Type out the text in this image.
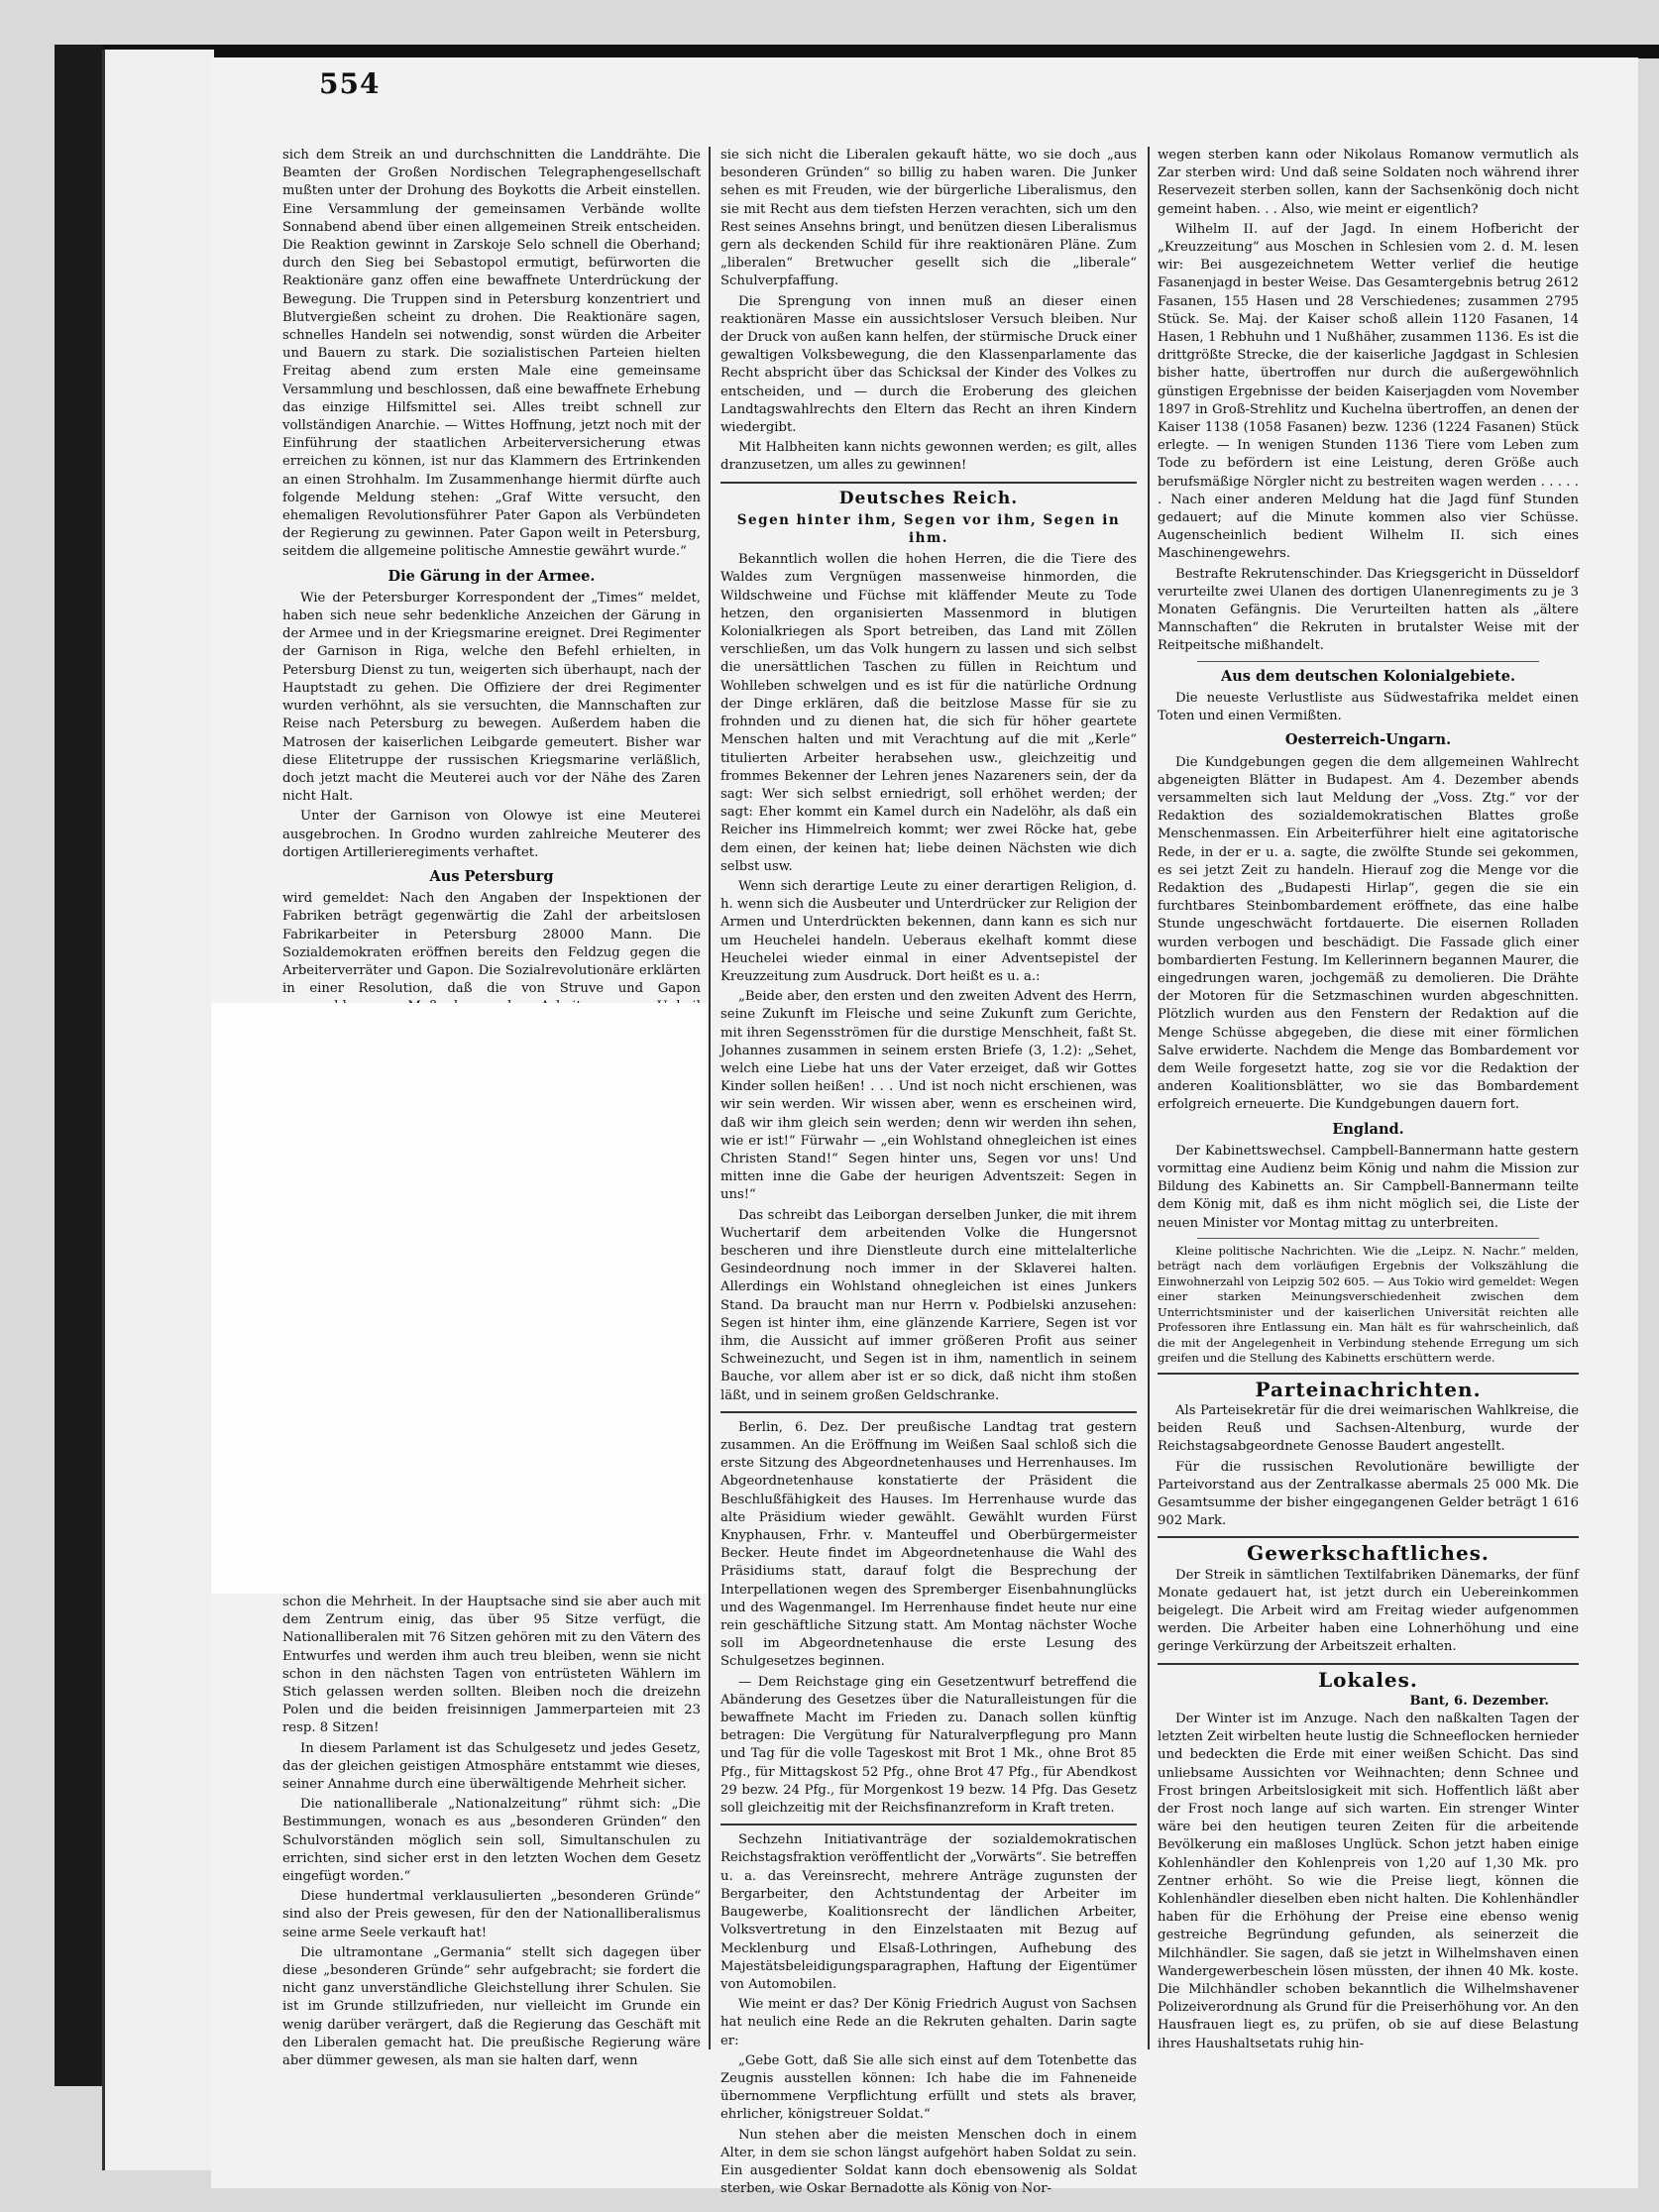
554

sich dem Streik an und durchschnitten die Landdrähte. Die Beamten der Großen Nordischen Telegraphengesellschaft mußten unter der Drohung des Boykotts die Arbeit einstellen. Eine Versammlung der gemeinsamen Verbände wollte Sonnabend abend über einen allgemeinen Streik entscheiden. Die Reaktion gewinnt in Zarskoje Selo schnell die Oberhand; durch den Sieg bei Sebastopol ermutigt, befürworten die Reaktionäre ganz offen eine bewaffnete Unterdrückung der Bewegung. Die Truppen sind in Petersburg konzentriert und Blutvergießen scheint zu drohen. Die Reaktionäre sagen, schnelles Handeln sei notwendig, sonst würden die Arbeiter und Bauern zu stark. Die sozialistischen Parteien hielten Freitag abend zum ersten Male eine gemeinsame Versammlung und beschlossen, daß eine bewaffnete Erhebung das einzige Hilfsmittel sei. Alles treibt schnell zur vollständigen Anarchie. — Wittes Hoffnung, jetzt noch mit der Einführung der staatlichen Arbeiterversicherung etwas erreichen zu können, ist nur das Klammern des Ertrinkenden an einen Strohhalm. Im Zusammenhange hiermit dürfte auch folgende Meldung stehen: „Graf Witte versucht, den ehemaligen Revolutionsführer Pater Gapon als Verbündeten der Regierung zu gewinnen. Pater Gapon weilt in Petersburg, seitdem die allgemeine politische Amnestie gewährt wurde.“

Die Gärung in der Armee.

Wie der Petersburger Korrespondent der „Times“ meldet, haben sich neue sehr bedenkliche Anzeichen der Gärung in der Armee und in der Kriegsmarine ereignet. Drei Regimenter der Garnison in Riga, welche den Befehl erhielten, in Petersburg Dienst zu tun, weigerten sich überhaupt, nach der Hauptstadt zu gehen. Die Offiziere der drei Regimenter wurden verhöhnt, als sie versuchten, die Mannschaften zur Reise nach Petersburg zu bewegen. Außerdem haben die Matrosen der kaiserlichen Leibgarde gemeutert. Bisher war diese Elitetruppe der russischen Kriegsmarine verläßlich, doch jetzt macht die Meuterei auch vor der Nähe des Zaren nicht Halt.

Unter der Garnison von Olowye ist eine Meuterei ausgebrochen. In Grodno wurden zahlreiche Meuterer des dortigen Artillerieregiments verhaftet.

Aus Petersburg

wird gemeldet: Nach den Angaben der Inspektionen der Fabriken beträgt gegenwärtig die Zahl der arbeitslosen Fabrikarbeiter in Petersburg 28000 Mann. Die Sozialdemokraten eröffnen bereits den Feldzug gegen die Arbeiterverräter und Gapon. Die Sozialrevolutionäre erklärten in einer Resolution, daß die von Struve und Gapon

schon die Mehrheit. In der Hauptsache sind sie aber auch mit dem Zentrum einig, das über 95 Sitze verfügt, die Nationalliberalen mit 76 Sitzen gehören mit zu den Vätern des Entwurfes und werden ihm auch treu bleiben, wenn sie nicht schon in den nächsten Tagen von entrüsteten Wählern im Stich gelassen werden sollten. Bleiben noch die dreizehn Polen und die beiden freisinnigen Jammerparteien mit 23 resp. 8 Sitzen!

In diesem Parlament ist das Schulgesetz und jedes Gesetz, das der gleichen geistigen Atmosphäre entstammt wie dieses, seiner Annahme durch eine überwältigende Mehrheit sicher.

Die nationalliberale „Nationalzeitung“ rühmt sich: „Die Bestimmungen, wonach es aus „besonderen Gründen“ den Schulvorständen möglich sein soll, Simultanschulen zu errichten, sind sicher erst in den letzten Wochen dem Gesetz eingefügt worden.“

Diese hundertmal verklausulierten „besonderen Gründe“ sind also der Preis gewesen, für den der Nationalliberalismus seine arme Seele verkauft hat!

Die ultramontane „Germania“ stellt sich dagegen über diese „besonderen Gründe“ sehr aufgebracht; sie fordert die nicht ganz unverständliche Gleichstellung ihrer Schulen. Sie ist im Grunde stillzufrieden, nur vielleicht im Grunde ein wenig darüber verärgert, daß die Regierung das Geschäft mit den Liberalen gemacht hat. Die preußische Regierung wäre aber dümmer gewesen, als man sie halten darf, wenn

sie sich nicht die Liberalen gekauft hätte, wo sie doch „aus besonderen Gründen“ so billig zu haben waren. Die Junker sehen es mit Freuden, wie der bürgerliche Liberalismus, den sie mit Recht aus dem tiefsten Herzen verachten, sich um den Rest seines Ansehns bringt, und benützen diesen Liberalismus gern als deckenden Schild für ihre reaktionären Pläne. Zum „liberalen“ Bretwucher gesellt sich die „liberale“ Schulverpfaffung.

Die Sprengung von innen muß an dieser einen reaktionären Masse ein aussichtsloser Versuch bleiben. Nur der Druck von außen kann helfen, der stürmische Druck einer gewaltigen Volksbewegung, die den Klassenparlamente das Recht abspricht über das Schicksal der Kinder des Volkes zu entscheiden, und — durch die Eroberung des gleichen Landtagswahlrechts den Eltern das Recht an ihren Kindern wiedergibt.

Mit Halbheiten kann nichts gewonnen werden; es gilt, alles dranzusetzen, um alles zu gewinnen!

Deutsches Reich.
Segen hinter ihm, Segen vor ihm, Segen in ihm.

Bekanntlich wollen die hohen Herren, die die Tiere des Waldes zum Vergnügen massenweise hinmorden, die Wildschweine und Füchse mit kläffender Meute zu Tode hetzen, den organisierten Massenmord in blutigen Kolonialkriegen als Sport betreiben, das Land mit Zöllen verschließen, um das Volk hungern zu lassen und sich selbst die unersättlichen Taschen zu füllen in Reichtum und Wohlleben schwelgen und es ist für die natürliche Ordnung der Dinge erklären, daß die beitzlose Masse für sie zu frohnden und zu dienen hat, die sich für höher geartete Menschen halten und mit Verachtung auf die mit „Kerle“ titulierten Arbeiter herabsehen usw., gleichzeitig und frommes Bekenner der Lehren jenes Nazareners sein, der da sagt: Wer sich selbst erniedrigt, soll erhöhet werden; der sagt: Eher kommt ein Kamel durch ein Nadelöhr, als daß ein Reicher ins Himmelreich kommt; wer zwei Röcke hat, gebe dem einen, der keinen hat; liebe deinen Nächsten wie dich selbst usw.

Wenn sich derartige Leute zu einer derartigen Religion, d. h. wenn sich die Ausbeuter und Unterdrücker zur Religion der Armen und Unterdrückten bekennen, dann kann es sich nur um Heuchelei handeln. Ueberaus ekelhaft kommt diese Heuchelei wieder einmal in einer Adventsepistel der Kreuzzeitung zum Ausdruck. Dort heißt es u. a.:

„Beide aber, den ersten und den zweiten Advent des Herrn, seine Zukunft im Fleische und seine Zukunft zum Gerichte, mit ihren Segensströmen für die durstige Menschheit, faßt St. Johannes zusammen in seinem ersten Briefe (3, 1.2): „Sehet, welch eine Liebe hat uns der Vater erzeiget, daß wir Gottes Kinder sollen heißen! . . . Und ist noch nicht erschienen, was wir sein werden. Wir wissen aber, wenn es erscheinen wird, daß wir ihm gleich sein werden; denn wir werden ihn sehen, wie er ist!“ Fürwahr — „ein Wohlstand ohnegleichen ist eines Christen Stand!“ Segen hinter uns, Segen vor uns! Und mitten inne die Gabe der heurigen Adventszeit: Segen in uns!“

Das schreibt das Leiborgan derselben Junker, die mit ihrem Wuchertarif dem arbeitenden Volke die Hungersnot bescheren und ihre Dienstleute durch eine mittelalterliche Gesindeordnung noch immer in der Sklaverei halten. Allerdings ein Wohlstand ohnegleichen ist eines Junkers Stand. Da braucht man nur Herrn v. Podbielski anzusehen: Segen ist hinter ihm, eine glänzende Karriere, Segen ist vor ihm, die Aussicht auf immer größeren Profit aus seiner Schweinezucht, und Segen ist in ihm, namentlich in seinem Bauche, vor allem aber ist er so dick, daß nicht ihm stoßen läßt, und in seinem großen Geldschranke.

Berlin, 6. Dez. Der preußische Landtag trat gestern zusammen. An die Eröffnung im Weißen Saal schloß sich die erste Sitzung des Abgeordnetenhauses und Herrenhauses. Im Abgeordnetenhause konstatierte der Präsident die Beschlußfähigkeit des Hauses. Im Herrenhause wurde das alte Präsidium wieder gewählt. Gewählt wurden Fürst Knyphausen, Frhr. v. Manteuffel und Oberbürgermeister Becker. Heute findet im Abgeordnetenhause die Wahl des Präsidiums statt, darauf folgt die Besprechung der Interpellationen wegen des Spremberger Eisenbahnunglücks und des Wagenmangel. Im Herrenhause findet heute nur eine rein geschäftliche Sitzung statt. Am Montag nächster Woche soll im Abgeordnetenhause die erste Lesung des Schulgesetzes beginnen.

— Dem Reichstage ging ein Gesetzentwurf betreffend die Abänderung des Gesetzes über die Naturalleistungen für die bewaffnete Macht im Frieden zu. Danach sollen künftig betragen: Die Vergütung für Naturalverpflegung pro Mann und Tag für die volle Tageskost mit Brot 1 Mk., ohne Brot 85 Pfg., für Mittagskost 52 Pfg., ohne Brot 47 Pfg., für Abendkost 29 bezw. 24 Pfg., für Morgenkost 19 bezw. 14 Pfg. Das Gesetz soll gleichzeitig mit der Reichsfinanzreform in Kraft treten.

Sechzehn Initiativanträge der sozialdemokratischen Reichstagsfraktion veröffentlicht der „Vorwärts“. Sie betreffen u. a. das Vereinsrecht, mehrere Anträge zugunsten der Bergarbeiter, den Achtstundentag der Arbeiter im Baugewerbe, Koalitionsrecht der ländlichen Arbeiter, Volksvertretung in den Einzelstaaten mit Bezug auf Mecklenburg und Elsaß-Lothringen, Aufhebung des Majestätsbeleidigungsparagraphen, Haftung der Eigentümer von Automobilen.

Wie meint er das? Der König Friedrich August von Sachsen hat neulich eine Rede an die Rekruten gehalten. Darin sagte er:

„Gebe Gott, daß Sie alle sich einst auf dem Totenbette das Zeugnis ausstellen können: Ich habe die im Fahneneide übernommene Verpflichtung erfüllt und stets als braver, ehrlicher, königstreuer Soldat.“

Nun stehen aber die meisten Menschen doch in einem Alter, in dem sie schon längst aufgehört haben Soldat zu sein. Ein ausgedienter Soldat kann doch ebensowenig als Soldat sterben, wie Oskar Bernadotte als König von Nor-

wegen sterben kann oder Nikolaus Romanow vermutlich als Zar sterben wird: Und daß seine Soldaten noch während ihrer Reservezeit sterben sollen, kann der Sachsenkönig doch nicht gemeint haben. . . Also, wie meint er eigentlich?

Wilhelm II. auf der Jagd. In einem Hofbericht der „Kreuzzeitung“ aus Moschen in Schlesien vom 2. d. M. lesen wir: Bei ausgezeichnetem Wetter verlief die heutige Fasanenjagd in bester Weise. Das Gesamtergebnis betrug 2612 Fasanen, 155 Hasen und 28 Verschiedenes; zusammen 2795 Stück. Se. Maj. der Kaiser schoß allein 1120 Fasanen, 14 Hasen, 1 Rebhuhn und 1 Nußhäher, zusammen 1136. Es ist die drittgrößte Strecke, die der kaiserliche Jagdgast in Schlesien bisher hatte, übertroffen nur durch die außergewöhnlich günstigen Ergebnisse der beiden Kaiserjagden vom November 1897 in Groß-Strehlitz und Kuchelna übertroffen, an denen der Kaiser 1138 (1058 Fasanen) bezw. 1236 (1224 Fasanen) Stück erlegte. — In wenigen Stunden 1136 Tiere vom Leben zum Tode zu befördern ist eine Leistung, deren Größe auch berufsmäßige Nörgler nicht zu bestreiten wagen werden . . . . . . Nach einer anderen Meldung hat die Jagd fünf Stunden gedauert; auf die Minute kommen also vier Schüsse. Augenscheinlich bedient Wilhelm II. sich eines Maschinengewehrs.

Bestrafte Rekrutenschinder. Das Kriegsgericht in Düsseldorf verurteilte zwei Ulanen des dortigen Ulanenregiments zu je 3 Monaten Gefängnis. Die Verurteilten hatten als „ältere Mannschaften“ die Rekruten in brutalster Weise mit der Reitpeitsche mißhandelt.

Aus dem deutschen Kolonialgebiete.

Die neueste Verlustliste aus Südwestafrika meldet einen Toten und einen Vermißten.

Oesterreich-Ungarn.

Die Kundgebungen gegen die dem allgemeinen Wahlrecht abgeneigten Blätter in Budapest. Am 4. Dezember abends versammelten sich laut Meldung der „Voss. Ztg.“ vor der Redaktion des sozialdemokratischen Blattes große Menschenmassen. Ein Arbeiterführer hielt eine agitatorische Rede, in der er u. a. sagte, die zwölfte Stunde sei gekommen, es sei jetzt Zeit zu handeln. Hierauf zog die Menge vor die Redaktion des „Budapesti Hirlap“, gegen die sie ein furchtbares Steinbombardement eröffnete, das eine halbe Stunde ungeschwächt fortdauerte. Die eisernen Rolladen wurden verbogen und beschädigt. Die Fassade glich einer bombardierten Festung. Im Kellerinnern begannen Maurer, die eingedrungen waren, jochgemäß zu demolieren. Die Drähte der Motoren für die Setzmaschinen wurden abgeschnitten. Plötzlich wurden aus den Fenstern der Redaktion auf die Menge Schüsse abgegeben, die diese mit einer förmlichen Salve erwiderte. Nachdem die Menge das Bombardement vor dem Weile forgesetzt hatte, zog sie vor die Redaktion der anderen Koalitionsblätter, wo sie das Bombardement erfolgreich erneuerte. Die Kundgebungen dauern fort.

England.

Der Kabinettswechsel. Campbell-Bannermann hatte gestern vormittag eine Audienz beim König und nahm die Mission zur Bildung des Kabinetts an. Sir Campbell-Bannermann teilte dem König mit, daß es ihm nicht möglich sei, die Liste der neuen Minister vor Montag mittag zu unterbreiten.

Kleine politische Nachrichten. Wie die „Leipz. N. Nachr.“ melden, beträgt nach dem vorläufigen Ergebnis der Volkszählung die Einwohnerzahl von Leipzig 502 605. — Aus Tokio wird gemeldet: Wegen einer starken Meinungsverschiedenheit zwischen dem Unterrichtsminister und der kaiserlichen Universität reichten alle Professoren ihre Entlassung ein. Man hält es für wahrscheinlich, daß die mit der Angelegenheit in Verbindung stehende Erregung um sich greifen und die Stellung des Kabinetts erschüttern werde.

Parteinachrichten.

Als Parteisekretär für die drei weimarischen Wahlkreise, die beiden Reuß und Sachsen-Altenburg, wurde der Reichstagsabgeordnete Genosse Baudert angestellt.

Für die russischen Revolutionäre bewilligte der Parteivorstand aus der Zentralkasse abermals 25 000 Mk. Die Gesamtsumme der bisher eingegangenen Gelder beträgt 1 616 902 Mark.

Gewerkschaftliches.

Der Streik in sämtlichen Textilfabriken Dänemarks, der fünf Monate gedauert hat, ist jetzt durch ein Uebereinkommen beigelegt. Die Arbeit wird am Freitag wieder aufgenommen werden. Die Arbeiter haben eine Lohnerhöhung und eine geringe Verkürzung der Arbeitszeit erhalten.

Lokales.
Bant, 6. Dezember.

Der Winter ist im Anzuge. Nach den naßkalten Tagen der letzten Zeit wirbelten heute lustig die Schneeflocken hernieder und bedeckten die Erde mit einer weißen Schicht. Das sind unliebsame Aussichten vor Weihnachten; denn Schnee und Frost bringen Arbeitslosigkeit mit sich. Hoffentlich läßt aber der Frost noch lange auf sich warten. Ein strenger Winter wäre bei den heutigen teuren Zeiten für die arbeitende Bevölkerung ein maßloses Unglück. Schon jetzt haben einige Kohlenhändler den Kohlenpreis von 1,20 auf 1,30 Mk. pro Zentner erhöht. So wie die Preise liegt, können die Kohlenhändler dieselben eben nicht halten. Die Kohlenhändler haben für die Erhöhung der Preise eine ebenso wenig gestreiche Begründung gefunden, als seinerzeit die Milchhändler. Sie sagen, daß sie jetzt in Wilhelmshaven einen Wandergewerbeschein lösen müssten, der ihnen 40 Mk. koste. Die Milchhändler schoben bekanntlich die Wilhelmshavener Polizeiverordnung als Grund für die Preiserhöhung vor. An den Hausfrauen liegt es, zu prüfen, ob sie auf diese Belastung ihres Haushaltsetats ruhig hin-
